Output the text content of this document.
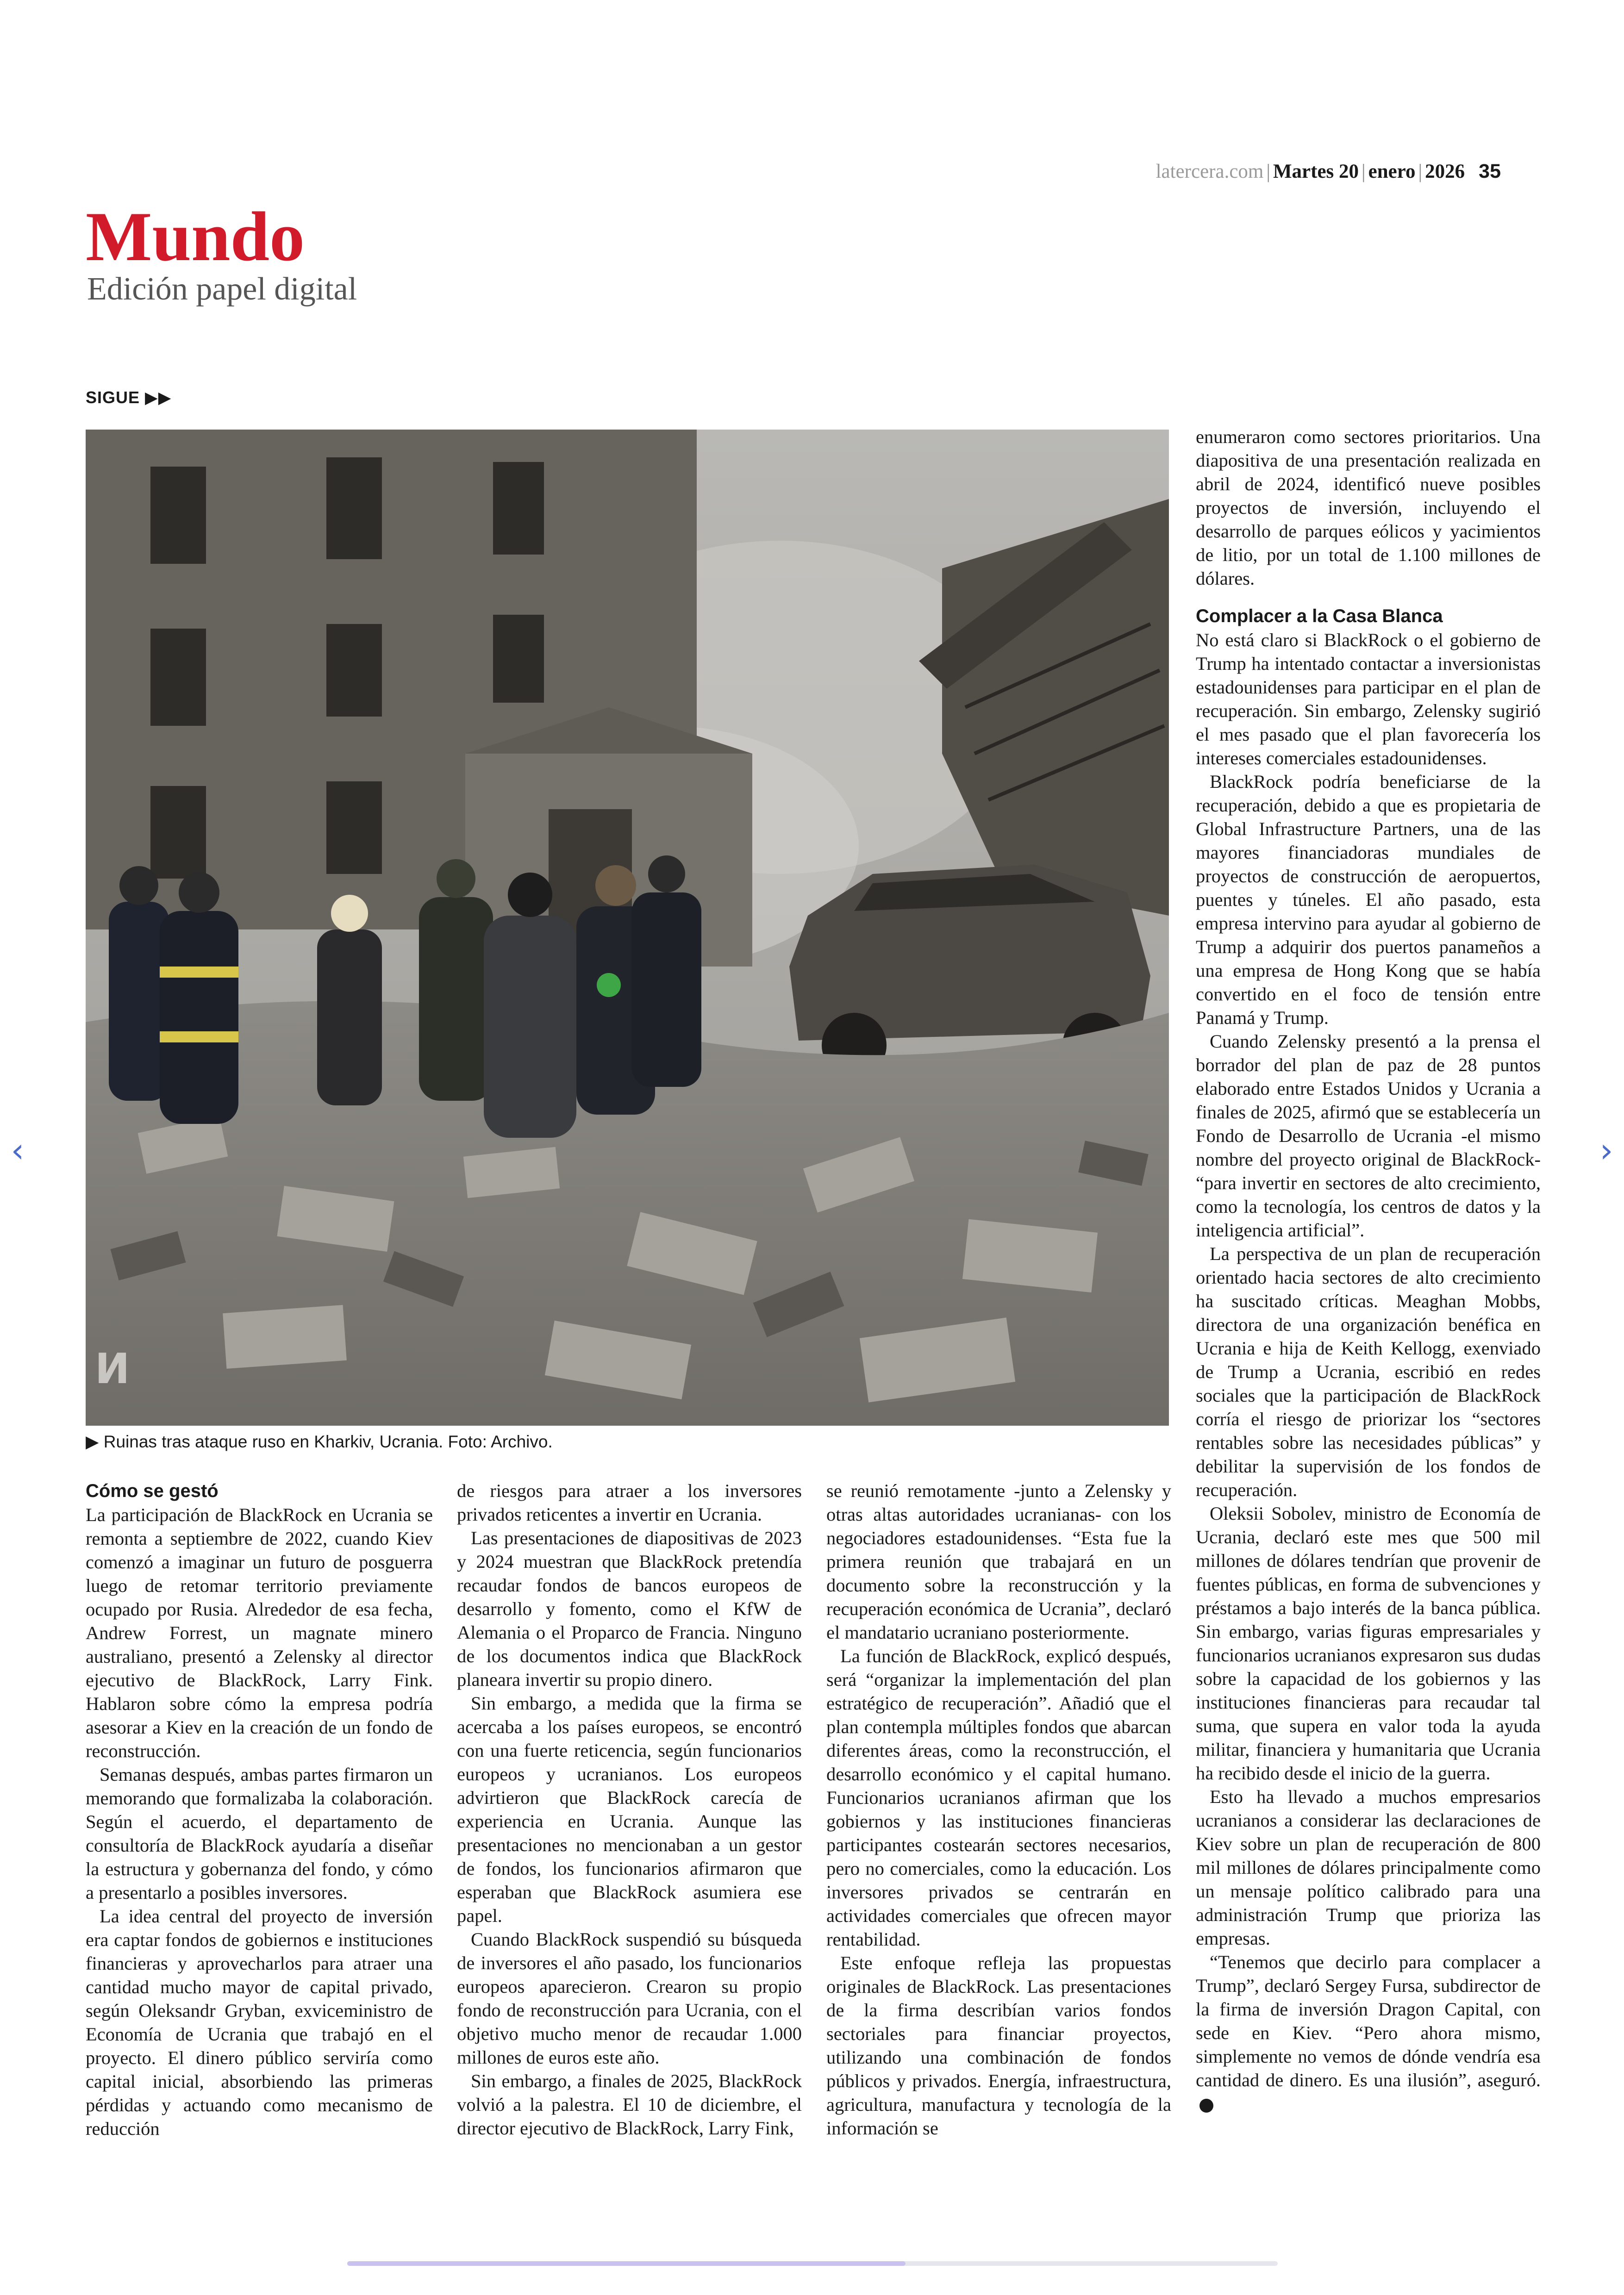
latercera.com | Martes 20 | enero | 2026 35
Mundo
Edición papel digital
SIGUE ▶▶
И
▶ Ruinas tras ataque ruso en Kharkiv, Ucrania. Foto: Archivo.
Cómo se gestó

La participación de BlackRock en Ucrania se remonta a septiembre de 2022, cuando Kiev comenzó a imaginar un futuro de posguerra luego de retomar territorio previamente ocupado por Rusia. Alrededor de esa fecha, Andrew Forrest, un magnate minero australiano, presentó a Zelensky al director ejecutivo de BlackRock, Larry Fink. Hablaron sobre cómo la empresa podría asesorar a Kiev en la creación de un fondo de reconstrucción.

Semanas después, ambas partes firmaron un memorando que formalizaba la colaboración. Según el acuerdo, el departamento de consultoría de BlackRock ayudaría a diseñar la estructura y gobernanza del fondo, y cómo a presentarlo a posibles inversores.

La idea central del proyecto de inversión era captar fondos de gobiernos e instituciones financieras y aprovecharlos para atraer una cantidad mucho mayor de capital privado, según Oleksandr Gryban, exviceministro de Economía de Ucrania que trabajó en el proyecto. El dinero público serviría como capital inicial, absorbiendo las primeras pérdidas y actuando como mecanismo de reducción

de riesgos para atraer a los inversores privados reticentes a invertir en Ucrania.

Las presentaciones de diapositivas de 2023 y 2024 muestran que BlackRock pretendía recaudar fondos de bancos europeos de desarrollo y fomento, como el KfW de Alemania o el Proparco de Francia. Ninguno de los documentos indica que BlackRock planeara invertir su propio dinero.

Sin embargo, a medida que la firma se acercaba a los países europeos, se encontró con una fuerte reticencia, según funcionarios europeos y ucranianos. Los europeos advirtieron que BlackRock carecía de experiencia en Ucrania. Aunque las presentaciones no mencionaban a un gestor de fondos, los funcionarios afirmaron que esperaban que BlackRock asumiera ese papel.

Cuando BlackRock suspendió su búsqueda de inversores el año pasado, los funcionarios europeos aparecieron. Crearon su propio fondo de reconstrucción para Ucrania, con el objetivo mucho menor de recaudar 1.000 millones de euros este año.

Sin embargo, a finales de 2025, BlackRock volvió a la palestra. El 10 de diciembre, el director ejecutivo de BlackRock, Larry Fink,

se reunió remotamente -junto a Zelensky y otras altas autoridades ucranianas- con los negociadores estadounidenses. “Esta fue la primera reunión que trabajará en un documento sobre la reconstrucción y la recuperación económica de Ucrania”, declaró el mandatario ucraniano posteriormente.

La función de BlackRock, explicó después, será “organizar la implementación del plan estratégico de recuperación”. Añadió que el plan contempla múltiples fondos que abarcan diferentes áreas, como la reconstrucción, el desarrollo económico y el capital humano. Funcionarios ucranianos afirman que los gobiernos y las instituciones financieras participantes costearán sectores necesarios, pero no comerciales, como la educación. Los inversores privados se centrarán en actividades comerciales que ofrecen mayor rentabilidad.

Este enfoque refleja las propuestas originales de BlackRock. Las presentaciones de la firma describían varios fondos sectoriales para financiar proyectos, utilizando una combinación de fondos públicos y privados. Energía, infraestructura, agricultura, manufactura y tecnología de la información se

enumeraron como sectores prioritarios. Una diapositiva de una presentación realizada en abril de 2024, identificó nueve posibles proyectos de inversión, incluyendo el desarrollo de parques eólicos y yacimientos de litio, por un total de 1.100 millones de dólares.

Complacer a la Casa Blanca

No está claro si BlackRock o el gobierno de Trump ha intentado contactar a inversionistas estadounidenses para participar en el plan de recuperación. Sin embargo, Zelensky sugirió el mes pasado que el plan favorecería los intereses comerciales estadounidenses.

BlackRock podría beneficiarse de la recuperación, debido a que es propietaria de Global Infrastructure Partners, una de las mayores financiadoras mundiales de proyectos de construcción de aeropuertos, puentes y túneles. El año pasado, esta empresa intervino para ayudar al gobierno de Trump a adquirir dos puertos panameños a una empresa de Hong Kong que se había convertido en el foco de tensión entre Panamá y Trump.

Cuando Zelensky presentó a la prensa el borrador del plan de paz de 28 puntos elaborado entre Estados Unidos y Ucrania a finales de 2025, afirmó que se establecería un Fondo de Desarrollo de Ucrania -el mismo nombre del proyecto original de BlackRock- “para invertir en sectores de alto crecimiento, como la tecnología, los centros de datos y la inteligencia artificial”.

La perspectiva de un plan de recuperación orientado hacia sectores de alto crecimiento ha suscitado críticas. Meaghan Mobbs, directora de una organización benéfica en Ucrania e hija de Keith Kellogg, exenviado de Trump a Ucrania, escribió en redes sociales que la participación de BlackRock corría el riesgo de priorizar los “sectores rentables sobre las necesidades públicas” y debilitar la supervisión de los fondos de recuperación.

Oleksii Sobolev, ministro de Economía de Ucrania, declaró este mes que 500 mil millones de dólares tendrían que provenir de fuentes públicas, en forma de subvenciones y préstamos a bajo interés de la banca pública. Sin embargo, varias figuras empresariales y funcionarios ucranianos expresaron sus dudas sobre la capacidad de los gobiernos y las instituciones financieras para recaudar tal suma, que supera en valor toda la ayuda militar, financiera y humanitaria que Ucrania ha recibido desde el inicio de la guerra.

Esto ha llevado a muchos empresarios ucranianos a considerar las declaraciones de Kiev sobre un plan de recuperación de 800 mil millones de dólares principalmente como un mensaje político calibrado para una administración Trump que prioriza las empresas.

“Tenemos que decirlo para complacer a Trump”, declaró Sergey Fursa, subdirector de la firma de inversión Dragon Capital, con sede en Kiev. “Pero ahora mismo, simplemente no vemos de dónde vendría esa cantidad de dinero. Es una ilusión”, aseguró.

‹	›
